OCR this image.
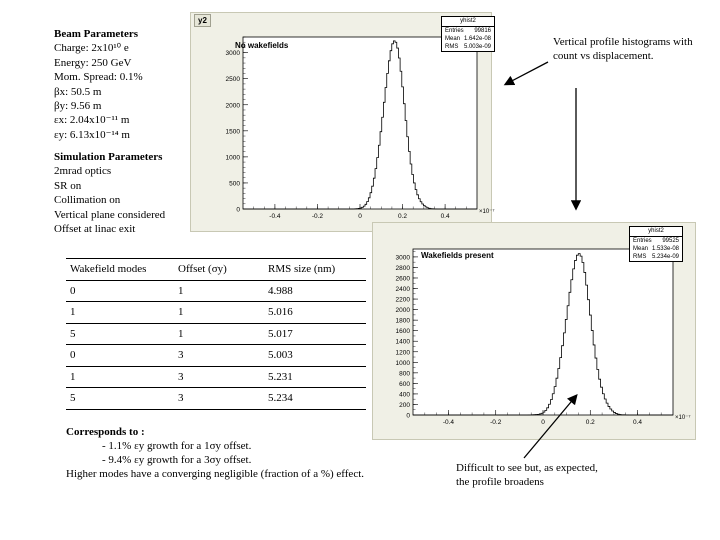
Beam Parameters
Charge: 2x10¹⁰ e
Energy: 250 GeV
Mom. Spread: 0.1%
βx: 50.5 m
βy: 9.56 m
εx: 2.04x10⁻¹¹ m
εy: 6.13x10⁻¹⁴ m
Simulation Parameters
2mrad optics
SR on
Collimation on
Vertical plane considered
Offset at linac exit
500
1000
1500
2000
2500
3000
0
-0.4	-0.2	0	0.2	0.4
×10⁻⁷
y2	yhist2
Entries 99816
Mean 1.642e-08
RMS 5.003e-09
No wakefields
200
400
600
800
1000
1200
1400
1600
1800
2000
2200
2400
2600
2800
3000
0
-0.4	-0.2	0	0.2	0.4
×10⁻⁷
yhist2
Entries 99525
Mean 1.533e-08
RMS 5.234e-09
Wakefields present
Wakefield modes	Offset (σy)	RMS size (nm)
0	1	4.988
1	1	5.016
5	1	5.017
0	3	5.003
1	3	5.231
5	3	5.234
Corresponds to :
- 1.1% εy growth for a 1σy offset.
- 9.4% εy growth for a 3σy offset.
Higher modes have a converging negligible (fraction of a %) effect.
Vertical profile histograms with count vs displacement.
Difficult to see but, as expected, the profile broadens
